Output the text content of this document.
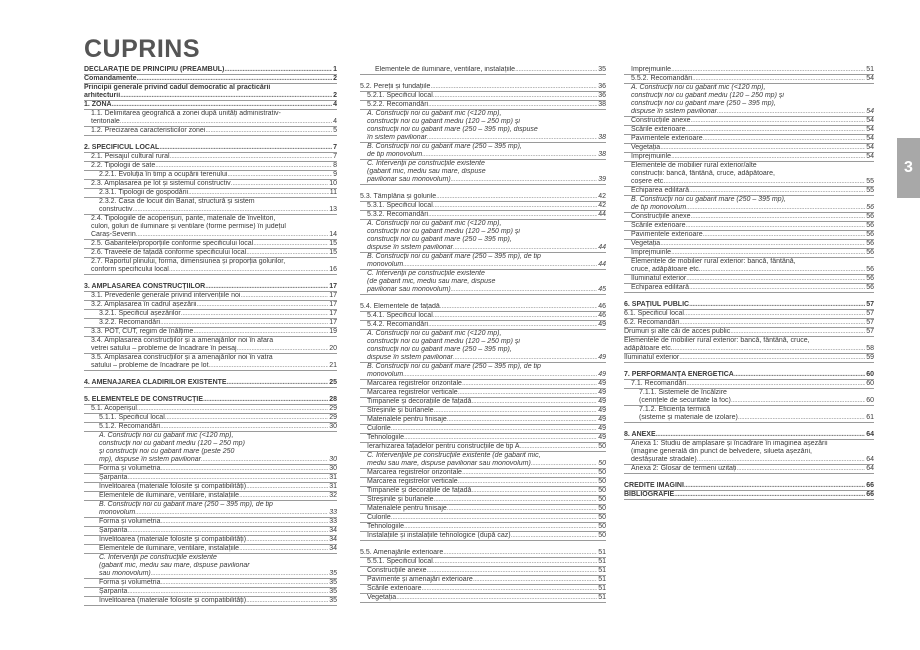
CUPRINS
DECLARAȚIE DE PRINCIPIU (PREAMBUL) .....	1
Comandamente .....	2
Principii generale privind cadul democratic al practicării
arhitecturii .....	2
1. ZONA .....	4
1.1. Delimitarea geografică a zonei după unități administrativ-
teritoriale .....	4
1.2. Precizarea caracteristicilor zonei .....	5
2. SPECIFICUL LOCAL .....	7
2.1. Peisajul cultural rural .....	7
2.2. Tipologii de sate .....	8
2.2.1. Evoluția în timp a ocupării terenului .....	9
2.3. Amplasarea pe lot și sistemul constructiv .....	10
2.3.1. Tipologii de gospodării .....	11
2.3.2. Casa de locuit din Banat, structură și sistem
constructiv .....	13
2.4. Tipologiile de acoperișuri, pante, materiale de învelitori,
culori, goluri de iluminare și ventilare (forme permise) în județul
Caraș-Severin .....	14
2.5. Gabaritele/proporțiile conforme specificului local .....	15
2.6. Traveele de fațadă conforme specificului local .....	15
2.7. Raportul plinului, forma, dimensiunea și proporția golurilor,
conform specificului local .....	16
3. AMPLASAREA CONSTRUCȚIILOR .....	17
3.1. Prevederile generale privind intervențiile noi .....	17
3.2. Amplasarea în cadrul așezării .....	17
3.2.1. Specificul așezărilor .....	17
3.2.2. Recomandări .....	17
3.3. POT, CUT, regim de înălțime .....	19
3.4. Amplasarea construcțiilor și a amenajărilor noi în afara
vetrei satului – probleme de încadrare în peisaj .....	20
3.5. Amplasarea construcțiilor și a amenajărilor noi în vatra
satului – probleme de încadrare pe lot .....	21
4. AMENAJAREA CLĂDIRILOR EXISTENTE .....	25
5. ELEMENTELE DE CONSTRUCȚIE .....	28
5.1. Acoperișul .....	29
5.1.1. Specificul local .....	29
5.1.2. Recomandări .....	30
A. Construcții noi cu gabarit mic (<120 mp),
construcții noi cu gabarit mediu (120 – 250 mp)
și construcții noi cu gabarit mare (peste 250
mp), dispuse în sistem pavilionar .....	30
Forma și volumetria .....	30
Șarpanta .....	31
Învelitoarea (materiale folosite și compatibilități) .....	31
Elementele de iluminare, ventilare, instalațiile .....	32
B. Construcții noi cu gabarit mare (250 – 395 mp), de tip
monovolum .....	33
Forma și volumetria .....	33
Șarpanta .....	34
Învelitoarea (materiale folosite și compatibilități) .....	34
Elementele de iluminare, ventilare, instalațiile .....	34
C. Intervenții pe construcțiile existente
(gabarit mic, mediu sau mare, dispuse pavilionar
sau monovolum) .....	35
Forma și volumetria .....	35
Șarpanta .....	35
Învelitoarea (materiale folosite și compatibilități) .....	35
Elementele de iluminare, ventilare, instalațiile .....	35
5.2. Pereții și fundațiile .....	36
5.2.1. Specificul local .....	36
5.2.2. Recomandări .....	38
A. Construcții noi cu gabarit mic (<120 mp),
construcții noi cu gabarit mediu (120 – 250 mp) și
construcții noi cu gabarit mare (250 – 395 mp), dispuse
în sistem pavilionar .....	38
B. Construcții noi cu gabarit mare (250 – 395 mp),
de tip monovolum .....	38
C. Intervenții pe construcțiile existente
(gabarit mic, mediu sau mare, dispuse
pavilionar sau monovolum) .....	39
5.3. Tâmplăria și golurile .....	42
5.3.1. Specificul local .....	42
5.3.2. Recomandări .....	44
A. Construcții noi cu gabarit mic (<120 mp),
construcții noi cu gabarit mediu (120 – 250 mp) și
construcții noi cu gabarit mare (250 – 395 mp),
dispuse în sistem pavilionar .....	44
B. Construcții noi cu gabarit mare (250 – 395 mp), de tip
monovolum .....	44
C. Intervenții pe construcțiile existente
(de gabarit mic, mediu sau mare, dispuse
pavilionar sau monovolum) .....	45
5.4. Elementele de fațadă .....	46
5.4.1. Specificul local .....	46
5.4.2. Recomandări .....	49
A. Construcții noi cu gabarit mic (<120 mp),
construcții noi cu gabarit mediu (120 – 250 mp) și
construcții noi cu gabarit mare (250 – 395 mp),
dispuse în sistem pavilionar .....	49
B. Construcții noi cu gabarit mare (250 – 395 mp), de tip
monovolum .....	49
Marcarea registrelor orizontale .....	49
Marcarea registrelor verticale .....	49
Timpanele și decorațiile de fațadă .....	49
Streșinile și burlanele .....	49
Materialele pentru finisaje .....	49
Culorile .....	49
Tehnologiile .....	49
Ierarhizarea fațadelor pentru construcțiile de tip A .....	50
C. Intervențiile pe construcțiile existente (de gabarit mic,
mediu sau mare, dispuse pavilionar sau monovolum) .....	50
Marcarea registrelor orizontale .....	50
Marcarea registrelor verticale .....	50
Timpanele și decorațiile de fațadă .....	50
Streșinile și burlanele .....	50
Materialele pentru finisaje .....	50
Culorile .....	50
Tehnologiile .....	50
Instalațiile și instalațiile tehnologice (după caz) .....	50
5.5. Amenajările exterioare .....	51
5.5.1. Specificul local .....	51
Construcțiile anexe .....	51
Pavimente și amenajări exterioare .....	51
Scările exterioare .....	51
Vegetația .....	51
Împrejmuirile .....	51
5.5.2. Recomandări .....	54
A. Construcții noi cu gabarit mic (<120 mp),
construcții noi cu gabarit mediu (120 – 250 mp) și
construcții noi cu gabarit mare (250 – 395 mp),
dispuse în sistem pavilionar .....	54
Construcțiile anexe .....	54
Scările exterioare .....	54
Pavimentele exterioare .....	54
Vegetația .....	54
Împrejmuirile .....	54
Elementele de mobilier rural exterior/alte
construcții: bancă, fântână, cruce, adăpătoare,
coșere etc. .....	55
Echiparea edilitară .....	55
B. Construcții noi cu gabarit mare (250 – 395 mp),
de tip monovolum .....	56
Construcțiile anexe .....	56
Scările exterioare .....	56
Pavimentele exterioare .....	56
Vegetația .....	56
Împrejmuirile .....	56
Elementele de mobilier rural exterior: bancă, fântână,
cruce, adăpătoare etc. .....	56
Iluminatul exterior .....	56
Echiparea edilitară .....	56
6. SPAȚIUL PUBLIC .....	57
6.1. Specificul local .....	57
6.2. Recomandări .....	57
Drumuri și alte căi de acces public .....	57
Elementele de mobilier rural exterior: bancă, fântână, cruce,
adăpătoare etc. .....	58
Iluminatul exterior .....	59
7. PERFORMANȚA ENERGETICĂ .....	60
7.1. Recomandări .....	60
7.1.1. Sistemele de încălzire
(cerințele de securitate la foc) .....	60
7.1.2. Eficiența termică
(sisteme și materiale de izolare) .....	61
8. ANEXE .....	64
Anexa 1: Studiu de amplasare și încadrare în imaginea așezării
(imagine generală din punct de belvedere, silueta așezării,
desfășurate stradale) .....	64
Anexa 2: Glosar de termeni uzitați .....	64
CREDITE IMAGINI .....	66
BIBLIOGRAFIE .....	66
3
